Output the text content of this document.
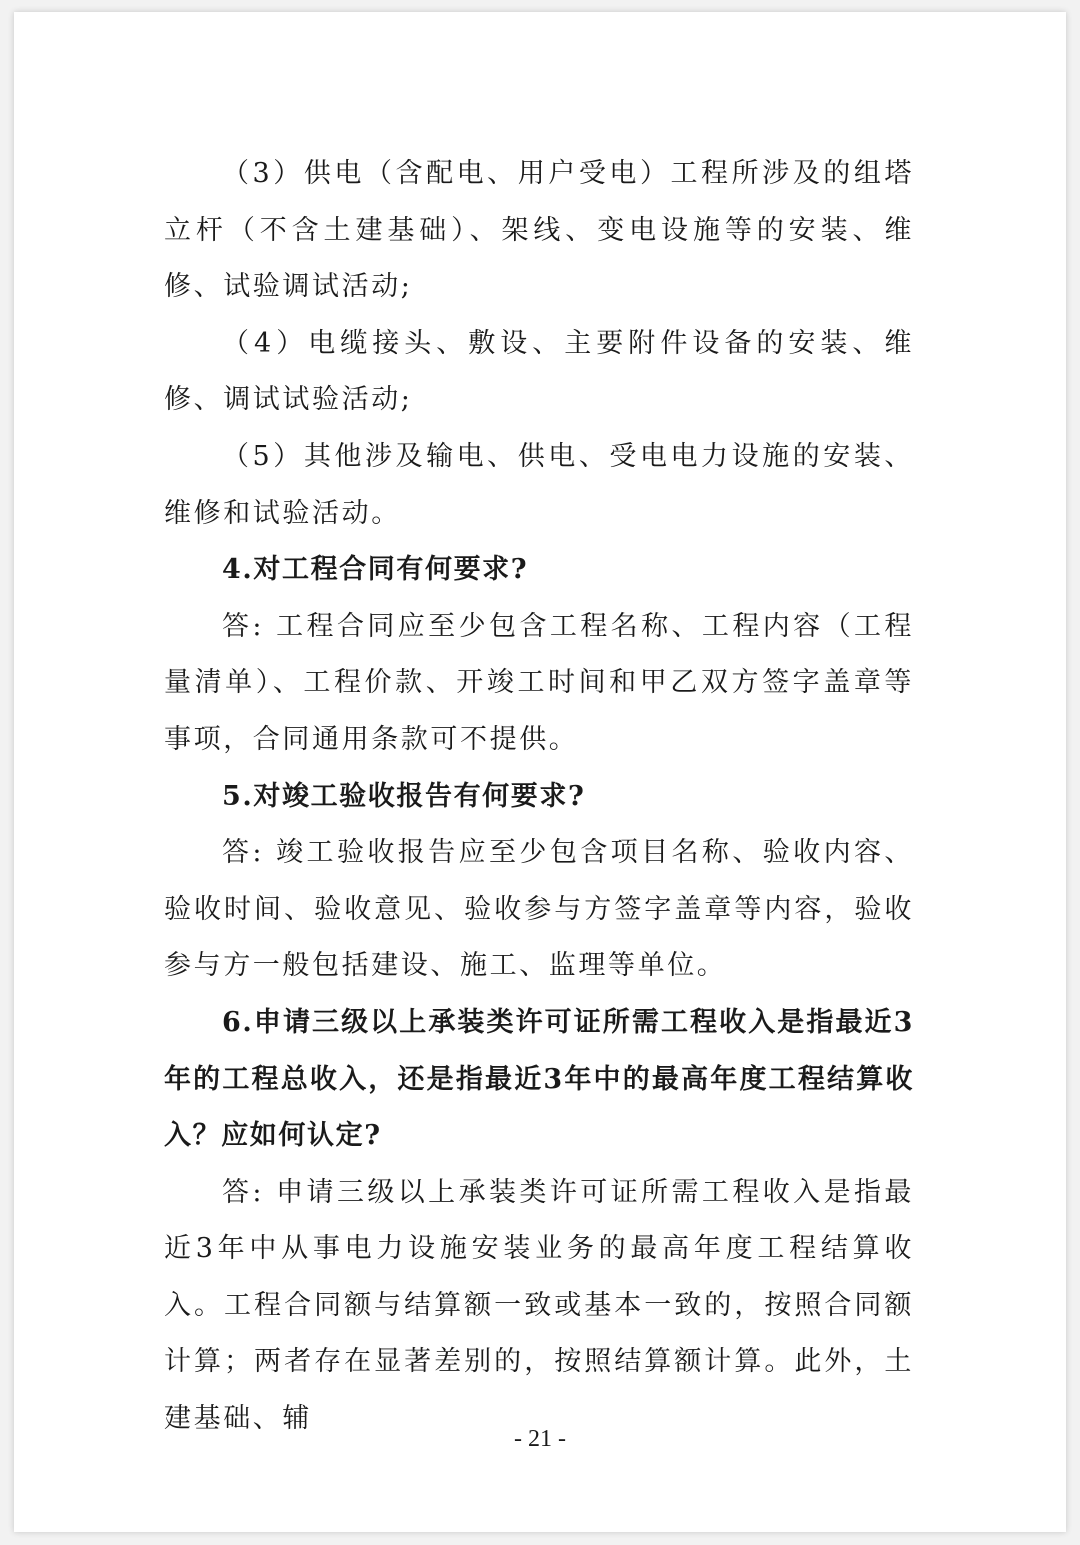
（3）供电（含配电、用户受电）工程所涉及的组塔立杆（不含土建基础）、架线、变电设施等的安装、维修、试验调试活动;

（4）电缆接头、敷设、主要附件设备的安装、维修、调试试验活动;

（5）其他涉及输电、供电、受电电力设施的安装、维修和试验活动。

4.对工程合同有何要求?

答: 工程合同应至少包含工程名称、工程内容（工程量清单）、工程价款、开竣工时间和甲乙双方签字盖章等事项，合同通用条款可不提供。

5.对竣工验收报告有何要求?

答: 竣工验收报告应至少包含项目名称、验收内容、验收时间、验收意见、验收参与方签字盖章等内容，验收参与方一般包括建设、施工、监理等单位。

6.申请三级以上承装类许可证所需工程收入是指最近3年的工程总收入，还是指最近3年中的最高年度工程结算收入？应如何认定?

答: 申请三级以上承装类许可证所需工程收入是指最近3年中从事电力设施安装业务的最高年度工程结算收入。工程合同额与结算额一致或基本一致的，按照合同额计算；两者存在显著差别的，按照结算额计算。此外，土建基础、辅

- 21 -
